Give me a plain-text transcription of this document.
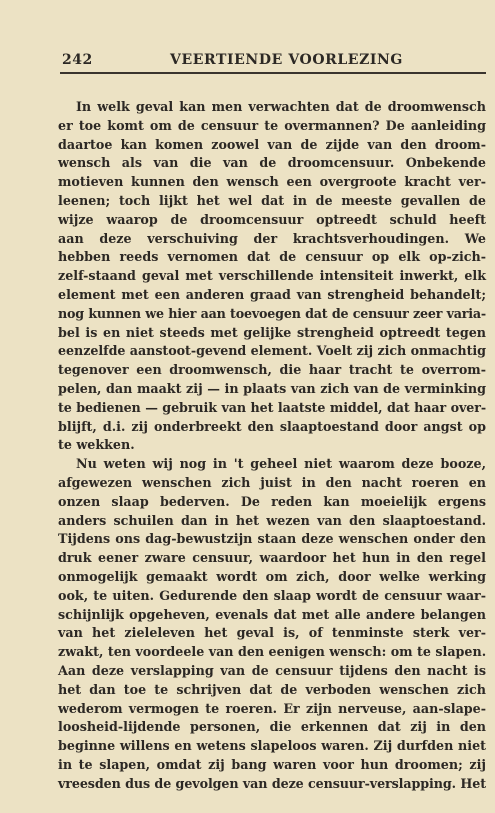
242	VEERTIENDE VOORLEZING
In welk geval kan men verwachten dat de droomwensch
er toe komt om de censuur te overmannen? De aanleiding
daartoe kan komen zoowel van de zijde van den droom-
wensch als van die van de droomcensuur. Onbekende
motieven kunnen den wensch een overgroote kracht ver-
leenen; toch lijkt het wel dat in de meeste gevallen de
wijze waarop de droomcensuur optreedt schuld heeft
aan deze verschuiving der krachtsverhoudingen. We
hebben reeds vernomen dat de censuur op elk op-zich-
zelf-staand geval met verschillende intensiteit inwerkt, elk
element met een anderen graad van strengheid behandelt;
nog kunnen we hier aan toevoegen dat de censuur zeer varia-
bel is en niet steeds met gelijke strengheid optreedt tegen
eenzelfde aanstoot-gevend element. Voelt zij zich onmachtig
tegenover een droomwensch, die haar tracht te overrom-
pelen, dan maakt zij — in plaats van zich van de verminking
te bedienen — gebruik van het laatste middel, dat haar over-
blijft, d.i. zij onderbreekt den slaaptoestand door angst op
te wekken.
Nu weten wij nog in 't geheel niet waarom deze booze,
afgewezen wenschen zich juist in den nacht roeren en
onzen slaap bederven. De reden kan moeielijk ergens
anders schuilen dan in het wezen van den slaaptoestand.
Tijdens ons dag-bewustzijn staan deze wenschen onder den
druk eener zware censuur, waardoor het hun in den regel
onmogelijk gemaakt wordt om zich, door welke werking
ook, te uiten. Gedurende den slaap wordt de censuur waar-
schijnlijk opgeheven, evenals dat met alle andere belangen
van het zieleleven het geval is, of tenminste sterk ver-
zwakt, ten voordeele van den eenigen wensch: om te slapen.
Aan deze verslapping van de censuur tijdens den nacht is
het dan toe te schrijven dat de verboden wenschen zich
wederom vermogen te roeren. Er zijn nerveuse, aan-slape-
loosheid-lijdende personen, die erkennen dat zij in den
beginne willens en wetens slapeloos waren. Zij durfden niet
in te slapen, omdat zij bang waren voor hun droomen; zij
vreesden dus de gevolgen van deze censuur-verslapping. Het
